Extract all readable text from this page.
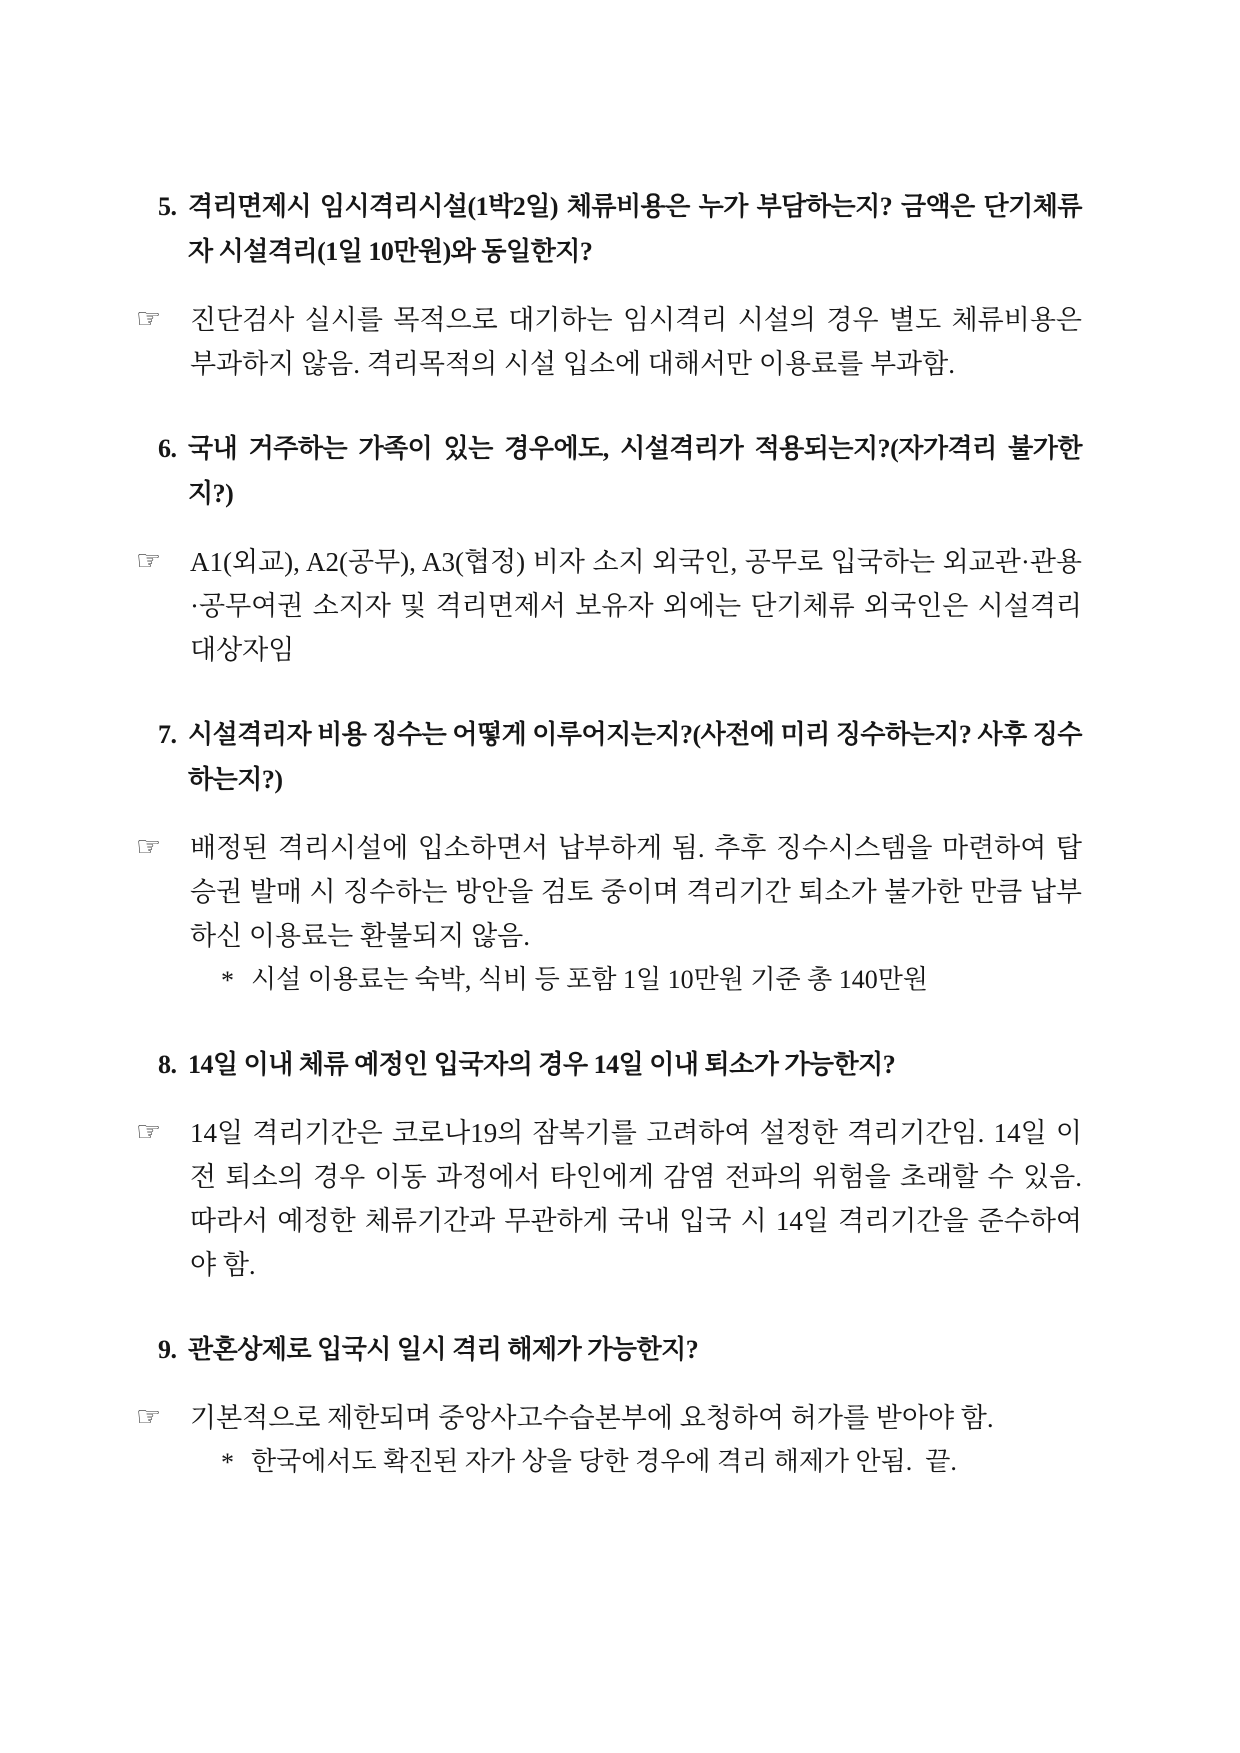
5. 격리면제시 임시격리시설(1박2일) 체류비용은 누가 부담하는지? 금액은 단기체류자 시설격리(1일 10만원)와 동일한지?

☞ 진단검사 실시를 목적으로 대기하는 임시격리 시설의 경우 별도 체류비용은 부과하지 않음. 격리목적의 시설 입소에 대해서만 이용료를 부과함.

6. 국내 거주하는 가족이 있는 경우에도, 시설격리가 적용되는지?(자가격리 불가한지?)

☞ A1(외교), A2(공무), A3(협정) 비자 소지 외국인, 공무로 입국하는 외교관·관용·공무여권 소지자 및 격리면제서 보유자 외에는 단기체류 외국인은 시설격리 대상자임

7. 시설격리자 비용 징수는 어떻게 이루어지는지?(사전에 미리 징수하는지? 사후 징수하는지?)

☞ 배정된 격리시설에 입소하면서 납부하게 됨. 추후 징수시스템을 마련하여 탑승권 발매 시 징수하는 방안을 검토 중이며 격리기간 퇴소가 불가한 만큼 납부하신 이용료는 환불되지 않음.
* 시설 이용료는 숙박, 식비 등 포함 1일 10만원 기준 총 140만원

8. 14일 이내 체류 예정인 입국자의 경우 14일 이내 퇴소가 가능한지?

☞ 14일 격리기간은 코로나19의 잠복기를 고려하여 설정한 격리기간임. 14일 이전 퇴소의 경우 이동 과정에서 타인에게 감염 전파의 위험을 초래할 수 있음. 따라서 예정한 체류기간과 무관하게 국내 입국 시 14일 격리기간을 준수하여야 함.

9. 관혼상제로 입국시 일시 격리 해제가 가능한지?

☞ 기본적으로 제한되며 중앙사고수습본부에 요청하여 허가를 받아야 함.
* 한국에서도 확진된 자가 상을 당한 경우에 격리 해제가 안됨.  끝.
